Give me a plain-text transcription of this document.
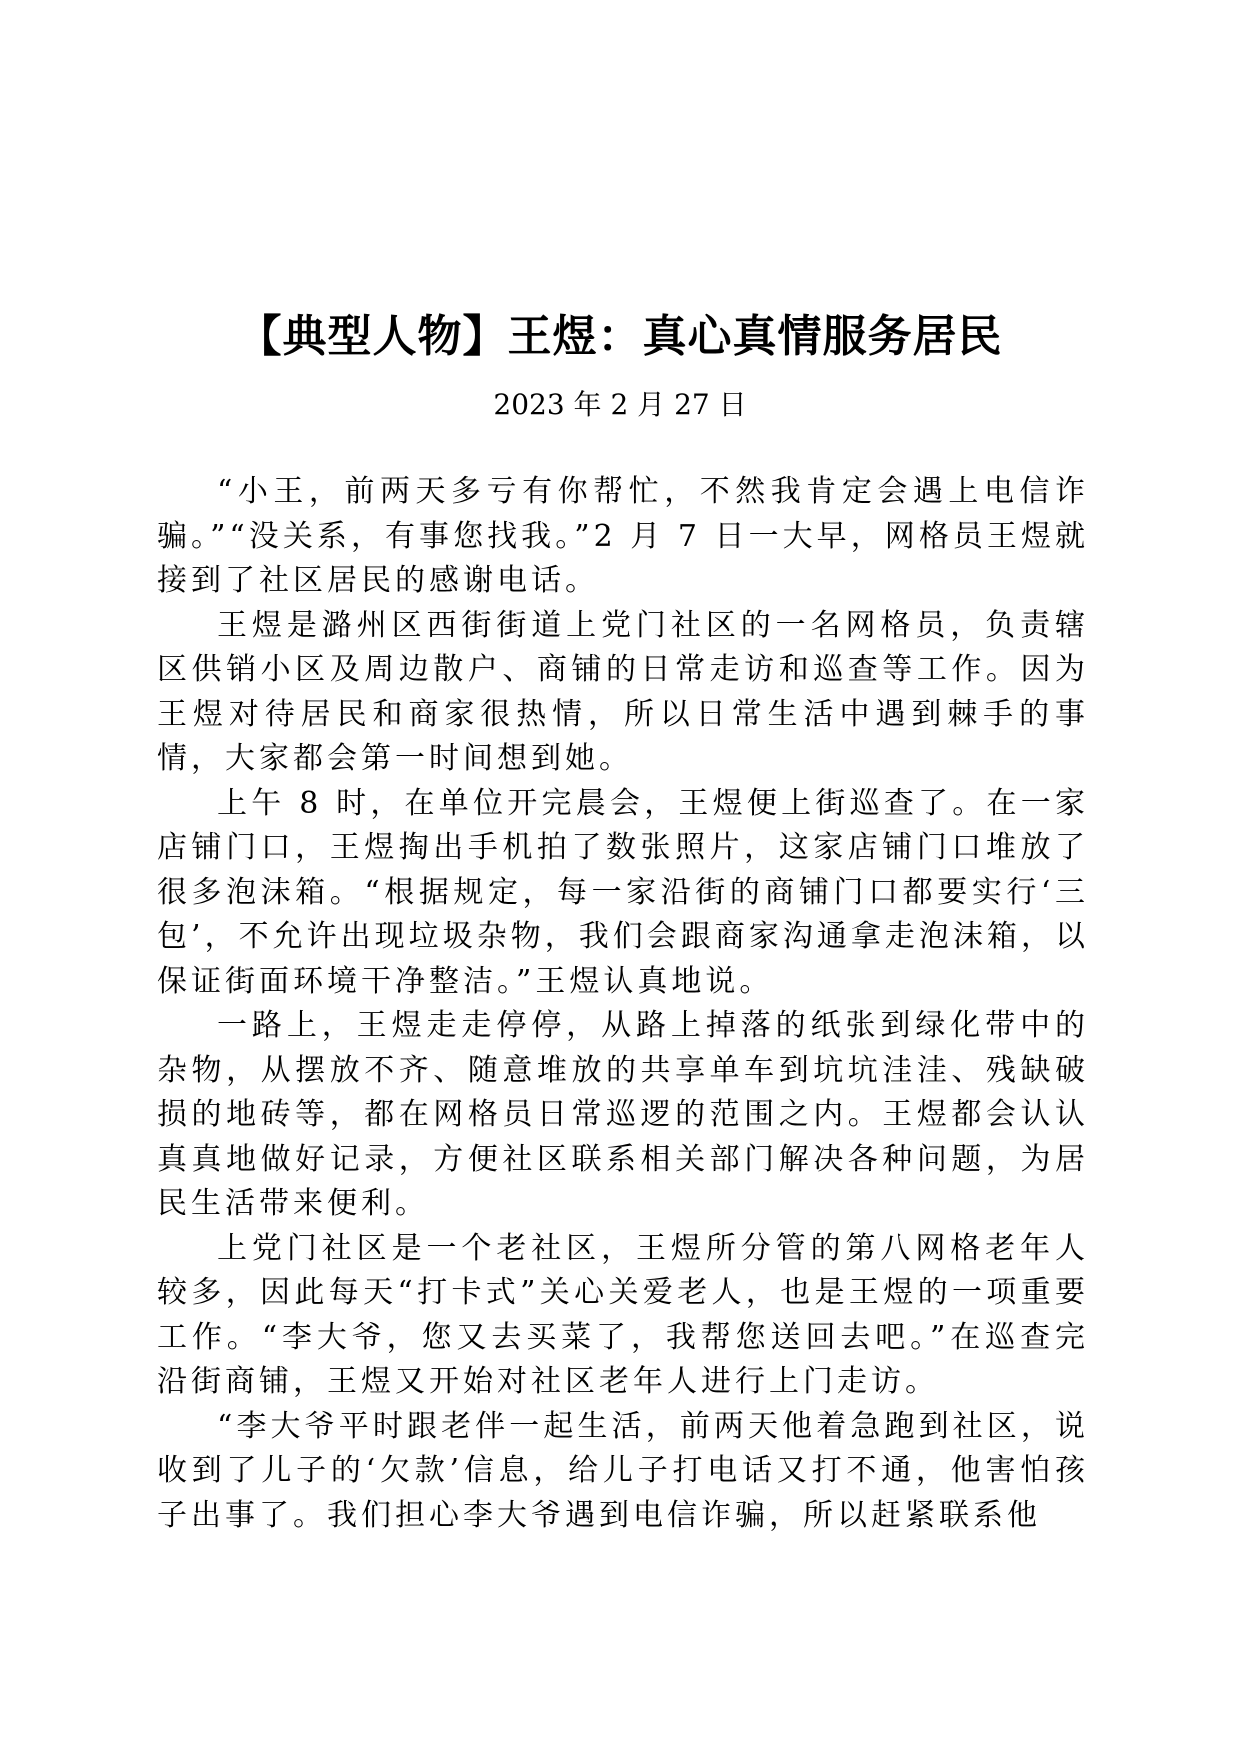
【典型人物】王煜：真心真情服务居民
2023 年 2 月 27 日

“小王，前两天多亏有你帮忙，不然我肯定会遇上电信诈骗。”“没关系，有事您找我。”2 月 7 日一大早，网格员王煜就接到了社区居民的感谢电话。

王煜是潞州区西街街道上党门社区的一名网格员，负责辖区供销小区及周边散户、商铺的日常走访和巡查等工作。因为王煜对待居民和商家很热情，所以日常生活中遇到棘手的事情，大家都会第一时间想到她。

上午 8 时，在单位开完晨会，王煜便上街巡查了。在一家店铺门口，王煜掏出手机拍了数张照片，这家店铺门口堆放了很多泡沫箱。“根据规定，每一家沿街的商铺门口都要实行‘三包’，不允许出现垃圾杂物，我们会跟商家沟通拿走泡沫箱，以保证街面环境干净整洁。”王煜认真地说。

一路上，王煜走走停停，从路上掉落的纸张到绿化带中的杂物，从摆放不齐、随意堆放的共享单车到坑坑洼洼、残缺破损的地砖等，都在网格员日常巡逻的范围之内。王煜都会认认真真地做好记录，方便社区联系相关部门解决各种问题，为居民生活带来便利。

上党门社区是一个老社区，王煜所分管的第八网格老年人较多，因此每天“打卡式”关心关爱老人，也是王煜的一项重要工作。“李大爷，您又去买菜了，我帮您送回去吧。”在巡查完沿街商铺，王煜又开始对社区老年人进行上门走访。

“李大爷平时跟老伴一起生活，前两天他着急跑到社区，说收到了儿子的‘欠款’信息，给儿子打电话又打不通，他害怕孩子出事了。我们担心李大爷遇到电信诈骗，所以赶紧联系他
